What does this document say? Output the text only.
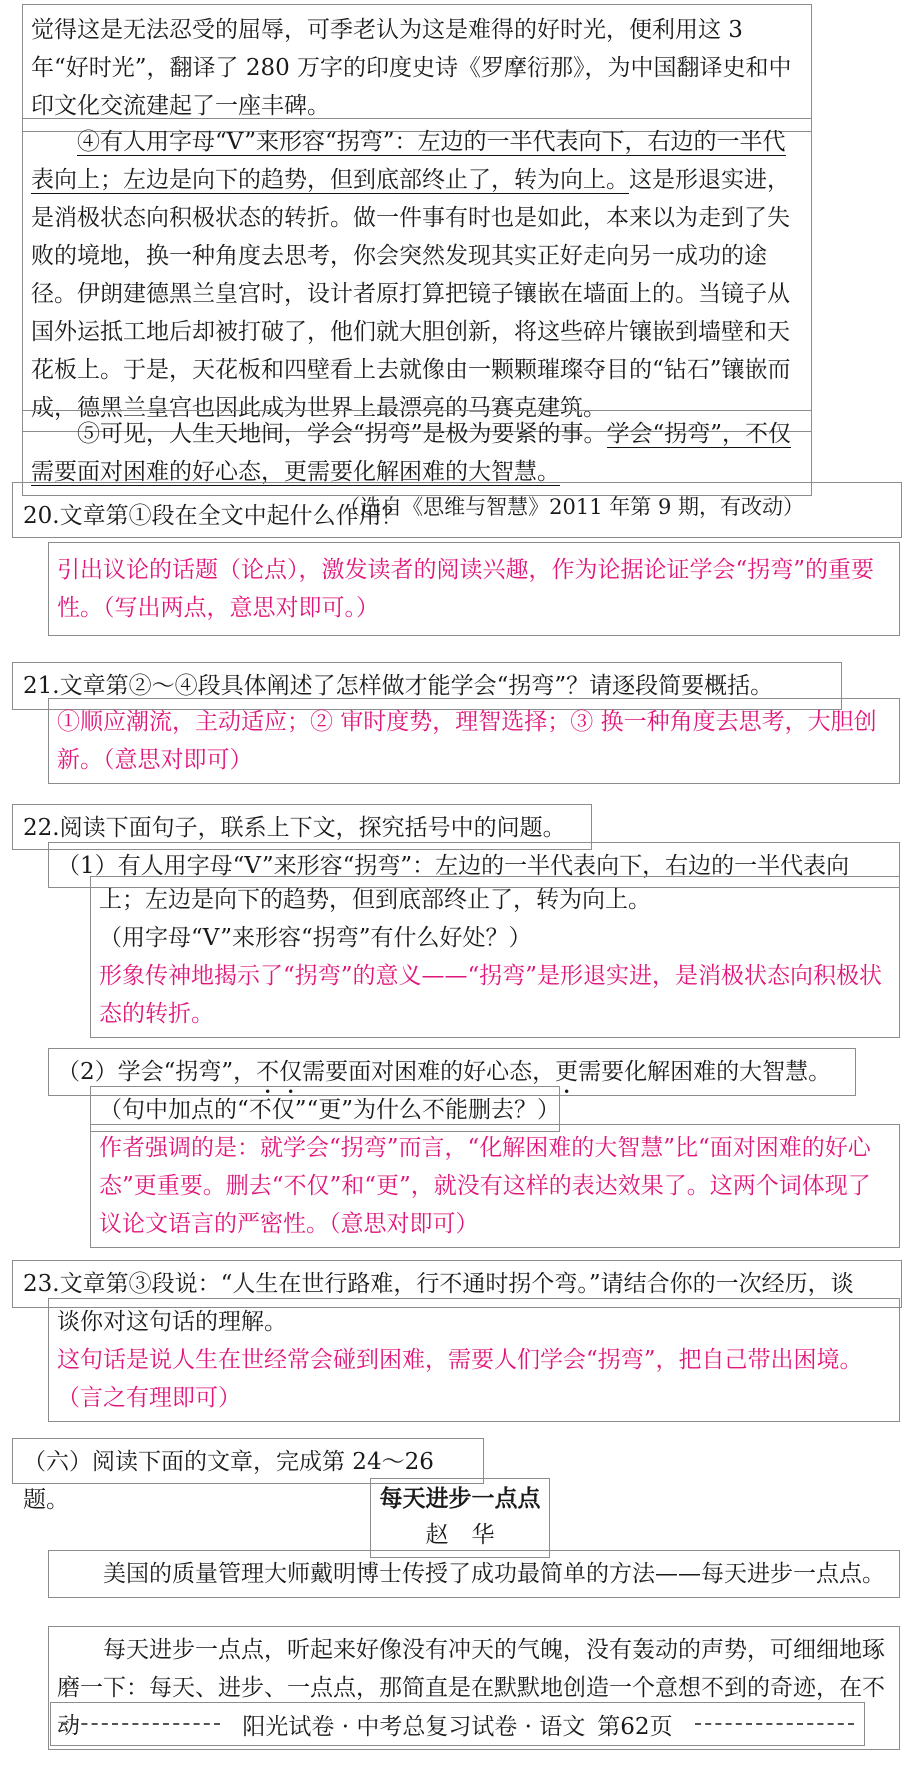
觉得这是无法忍受的屈辱，可季老认为这是难得的好时光，便利用这 3 年“好时光”，翻译了 280 万字的印度史诗《罗摩衍那》，为中国翻译史和中印文化交流建起了一座丰碑。

④有人用字母“V”来形容“拐弯”：左边的一半代表向下，右边的一半代表向上；左边是向下的趋势，但到底部终止了，转为向上。这是形退实进，是消极状态向积极状态的转折。做一件事有时也是如此，本来以为走到了失败的境地，换一种角度去思考，你会突然发现其实正好走向另一成功的途径。伊朗建德黑兰皇宫时，设计者原打算把镜子镶嵌在墙面上的。当镜子从国外运抵工地后却被打破了，他们就大胆创新，将这些碎片镶嵌到墙壁和天花板上。于是，天花板和四壁看上去就像由一颗颗璀璨夺目的“钻石”镶嵌而成，德黑兰皇宫也因此成为世界上最漂亮的马赛克建筑。

⑤可见，人生天地间，学会“拐弯”是极为要紧的事。学会“拐弯”，不仅需要面对困难的好心态，更需要化解困难的大智慧。

（选自《思维与智慧》2011 年第 9 期，有改动）

20.文章第①段在全文中起什么作用？

引出议论的话题（论点），激发读者的阅读兴趣，作为论据论证学会“拐弯”的重要性。（写出两点，意思对即可。）

21.文章第②～④段具体阐述了怎样做才能学会“拐弯”？请逐段简要概括。

①顺应潮流，主动适应；② 审时度势，理智选择；③ 换一种角度去思考，大胆创新。（意思对即可）

22.阅读下面句子，联系上下文，探究括号中的问题。

（1）有人用字母“V”来形容“拐弯”：左边的一半代表向下，右边的一半代表向

上；左边是向下的趋势，但到底部终止了，转为向上。

（用字母“V”来形容“拐弯”有什么好处？）

形象传神地揭示了“拐弯”的意义——“拐弯”是形退实进，是消极状态向积极状态的转折。

（2）学会“拐弯”，不仅需要面对困难的好心态，更需要化解困难的大智慧。

（句中加点的“不仅”“更”为什么不能删去？）

作者强调的是：就学会“拐弯”而言，“化解困难的大智慧”比“面对困难的好心态”更重要。删去“不仅”和“更”，就没有这样的表达效果了。这两个词体现了议论文语言的严密性。（意思对即可）

23.文章第③段说：“人生在世行路难，行不通时拐个弯。”请结合你的一次经历，谈

谈你对这句话的理解。

这句话是说人生在世经常会碰到困难，需要人们学会“拐弯”，把自己带出困境。（言之有理即可）

（六）阅读下面的文章，完成第 24～26 题。	每天进步一点点

赵　华

美国的质量管理大师戴明博士传授了成功最简单的方法——每天进步一点点。

每天进步一点点，听起来好像没有冲天的气魄，没有轰动的声势，可细细地琢磨一下：每天、进步、一点点，那简直是在默默地创造一个意想不到的奇迹，在不动	阳光试卷 · 中考总复习试卷 · 语文 第62页
